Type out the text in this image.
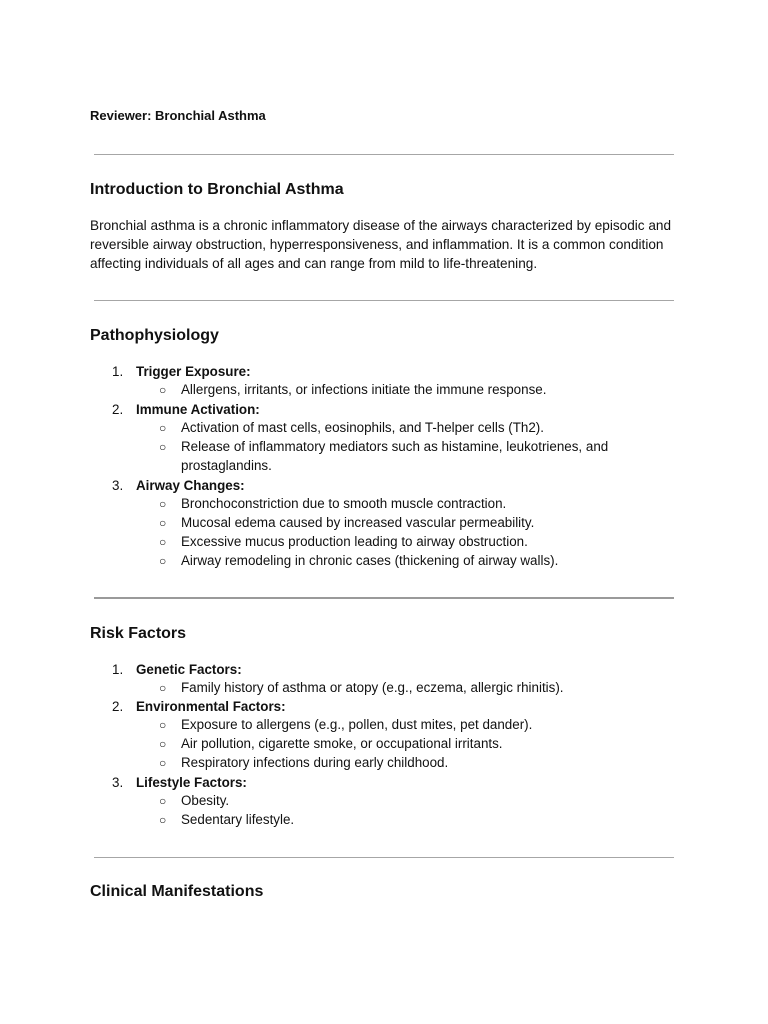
Reviewer: Bronchial Asthma
Introduction to Bronchial Asthma

Bronchial asthma is a chronic inflammatory disease of the airways characterized by episodic and reversible airway obstruction, hyperresponsiveness, and inflammation. It is a common condition affecting individuals of all ages and can range from mild to life-threatening.

Pathophysiology
1. Trigger Exposure:
○ Allergens, irritants, or infections initiate the immune response.

2. Immune Activation:
○ Activation of mast cells, eosinophils, and T-helper cells (Th2).

○ Release of inflammatory mediators such as histamine, leukotrienes, and prostaglandins.

3. Airway Changes:
○ Bronchoconstriction due to smooth muscle contraction.

○ Mucosal edema caused by increased vascular permeability.

○ Excessive mucus production leading to airway obstruction.

○ Airway remodeling in chronic cases (thickening of airway walls).

Risk Factors
1. Genetic Factors:
○ Family history of asthma or atopy (e.g., eczema, allergic rhinitis).

2. Environmental Factors:
○ Exposure to allergens (e.g., pollen, dust mites, pet dander).

○ Air pollution, cigarette smoke, or occupational irritants.

○ Respiratory infections during early childhood.

3. Lifestyle Factors:
○ Obesity.

○ Sedentary lifestyle.

Clinical Manifestations
